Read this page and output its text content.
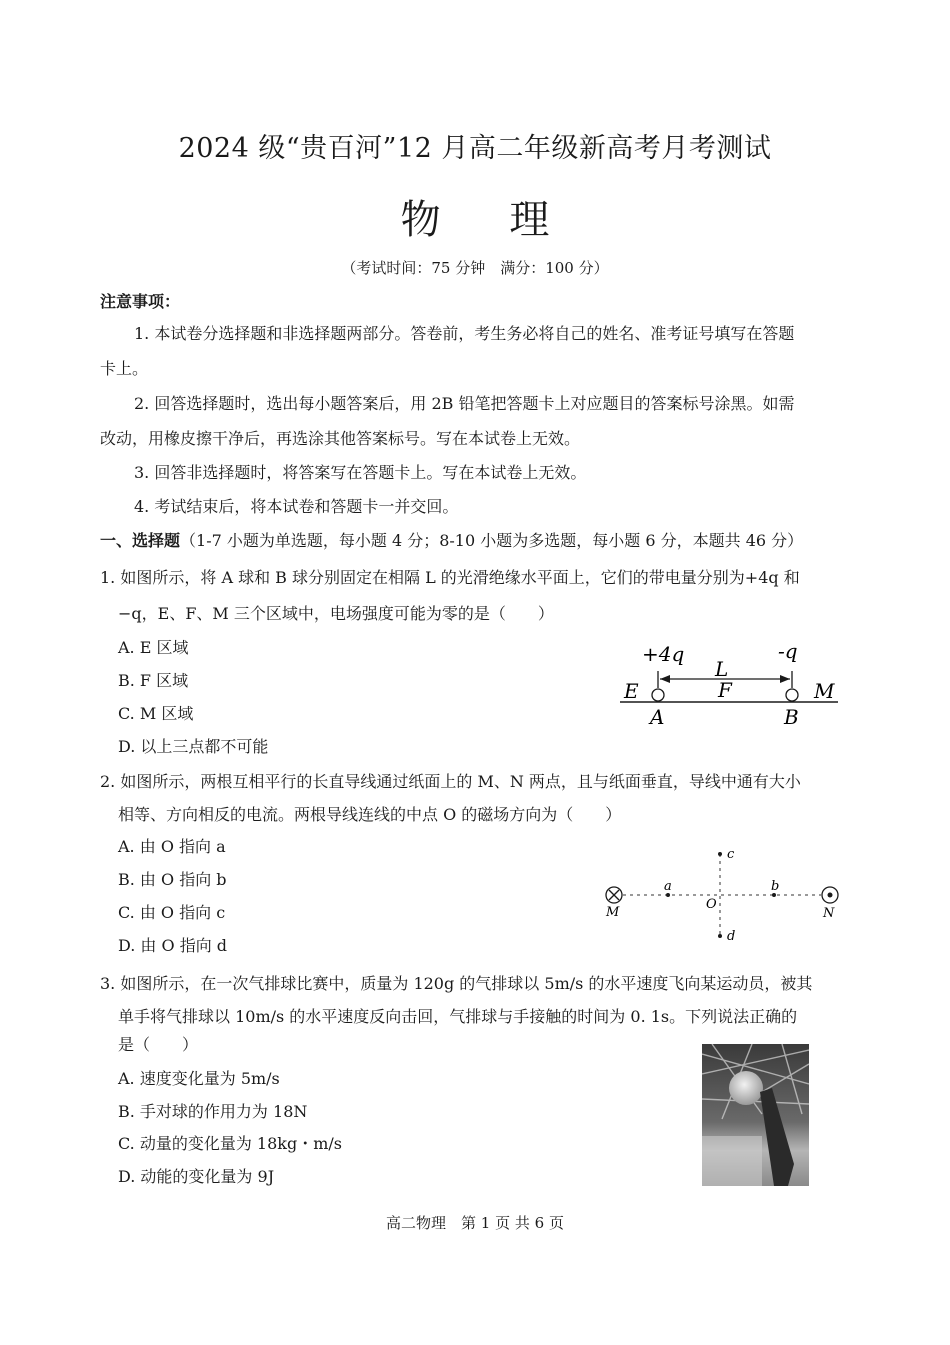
2024 级“贵百河”12 月高二年级新高考月考测试
物 理
（考试时间：75 分钟　满分：100 分）
注意事项：
1. 本试卷分选择题和非选择题两部分。答卷前，考生务必将自己的姓名、准考证号填写在答题
卡上。
2. 回答选择题时，选出每小题答案后，用 2B 铅笔把答题卡上对应题目的答案标号涂黑。如需
改动，用橡皮擦干净后，再选涂其他答案标号。写在本试卷上无效。
3. 回答非选择题时，将答案写在答题卡上。写在本试卷上无效。
4. 考试结束后，将本试卷和答题卡一并交回。
一、选择题（1-7 小题为单选题，每小题 4 分；8-10 小题为多选题，每小题 6 分，本题共 46 分）
1. 如图所示，将 A 球和 B 球分别固定在相隔 L 的光滑绝缘水平面上，它们的带电量分别为+4q 和
−q，E、F、M 三个区域中，电场强度可能为零的是（　　）
A. E 区域
B. F 区域
C. M 区域
D. 以上三点都不可能
+4q	-q
L
E	F	M
A	B
2. 如图所示，两根互相平行的长直导线通过纸面上的 M、N 两点，且与纸面垂直，导线中通有大小
相等、方向相反的电流。两根导线连线的中点 O 的磁场方向为（　　）
A. 由 O 指向 a
B. 由 O 指向 b
C. 由 O 指向 c
D. 由 O 指向 d
a	b
c
d
O
M	N
3. 如图所示，在一次气排球比赛中，质量为 120g 的气排球以 5m/s 的水平速度飞向某运动员，被其
单手将气排球以 10m/s 的水平速度反向击回，气排球与手接触的时间为 0. 1s。下列说法正确的
是（　　）
A. 速度变化量为 5m/s
B. 手对球的作用力为 18N
C. 动量的变化量为 18kg・m/s
D. 动能的变化量为 9J
高二物理　第 1 页 共 6 页
